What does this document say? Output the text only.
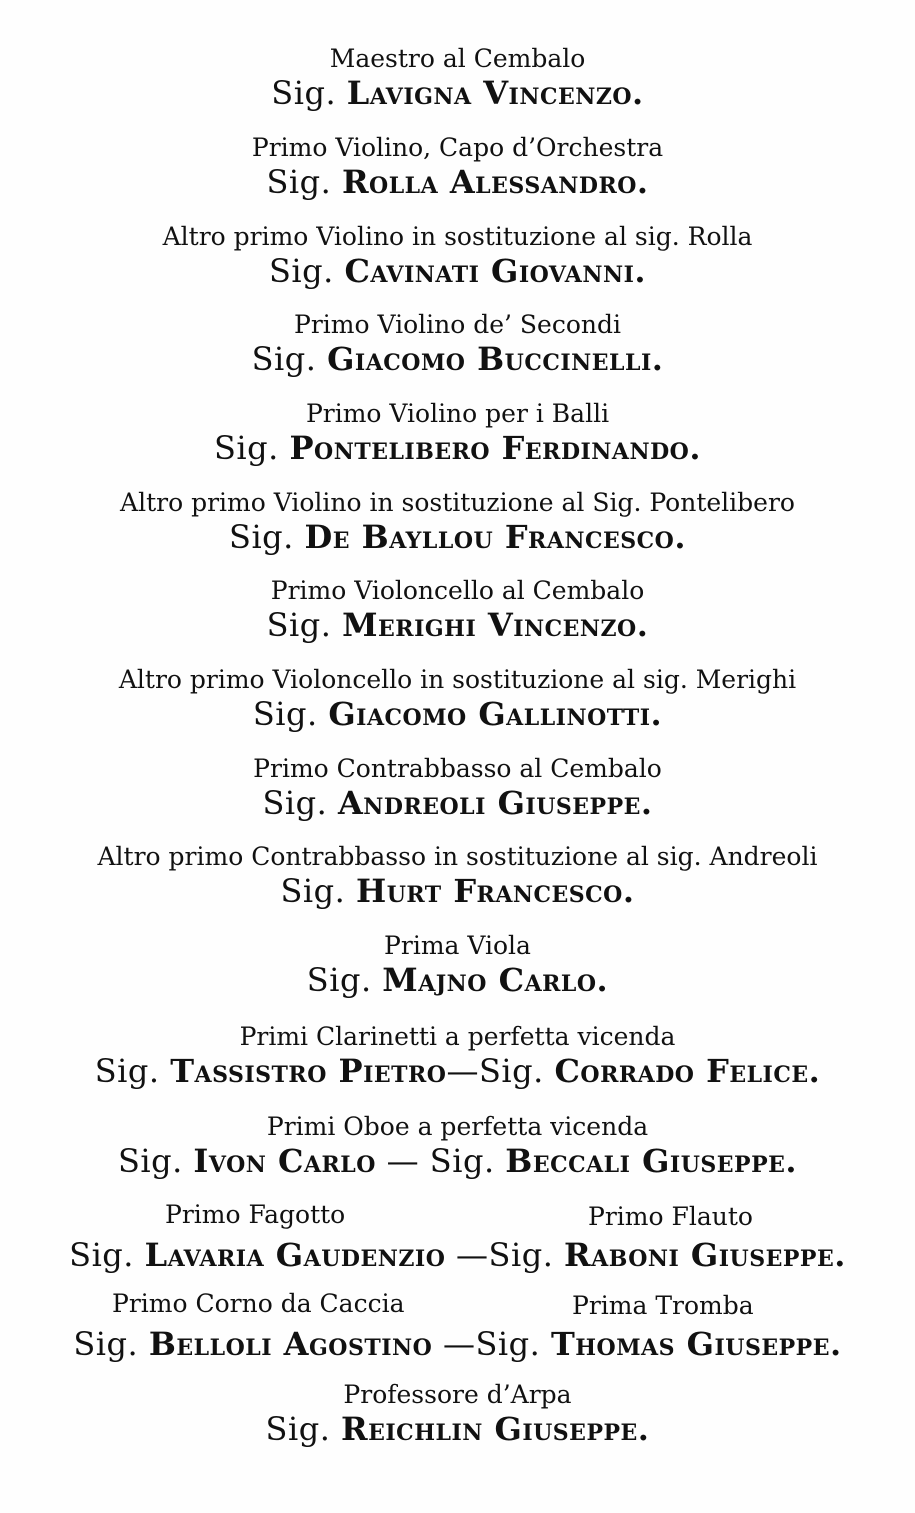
Maestro al Cembalo
Sig. Lavigna Vincenzo.
Primo Violino, Capo d’Orchestra
Sig. Rolla Alessandro.
Altro primo Violino in sostituzione al sig. Rolla
Sig. Cavinati Giovanni.
Primo Violino de’ Secondi
Sig. Giacomo Buccinelli.
Primo Violino per i Balli
Sig. Pontelibero Ferdinando.
Altro primo Violino in sostituzione al Sig. Pontelibero
Sig. De Bayllou Francesco.
Primo Violoncello al Cembalo
Sig. Merighi Vincenzo.
Altro primo Violoncello in sostituzione al sig. Merighi
Sig. Giacomo Gallinotti.
Primo Contrabbasso al Cembalo
Sig. Andreoli Giuseppe.
Altro primo Contrabbasso in sostituzione al sig. Andreoli
Sig. Hurt Francesco.
Prima Viola
Sig. Majno Carlo.
Primi Clarinetti a perfetta vicenda
Sig. Tassistro Pietro—Sig. Corrado Felice.
Primi Oboe a perfetta vicenda
Sig. Ivon Carlo — Sig. Beccali Giuseppe.
Primo Fagotto	Primo Flauto
Sig. Lavaria Gaudenzio —Sig. Raboni Giuseppe.
Primo Corno da Caccia	Prima Tromba
Sig. Belloli Agostino —Sig. Thomas Giuseppe.
Professore d’Arpa
Sig. Reichlin Giuseppe.
